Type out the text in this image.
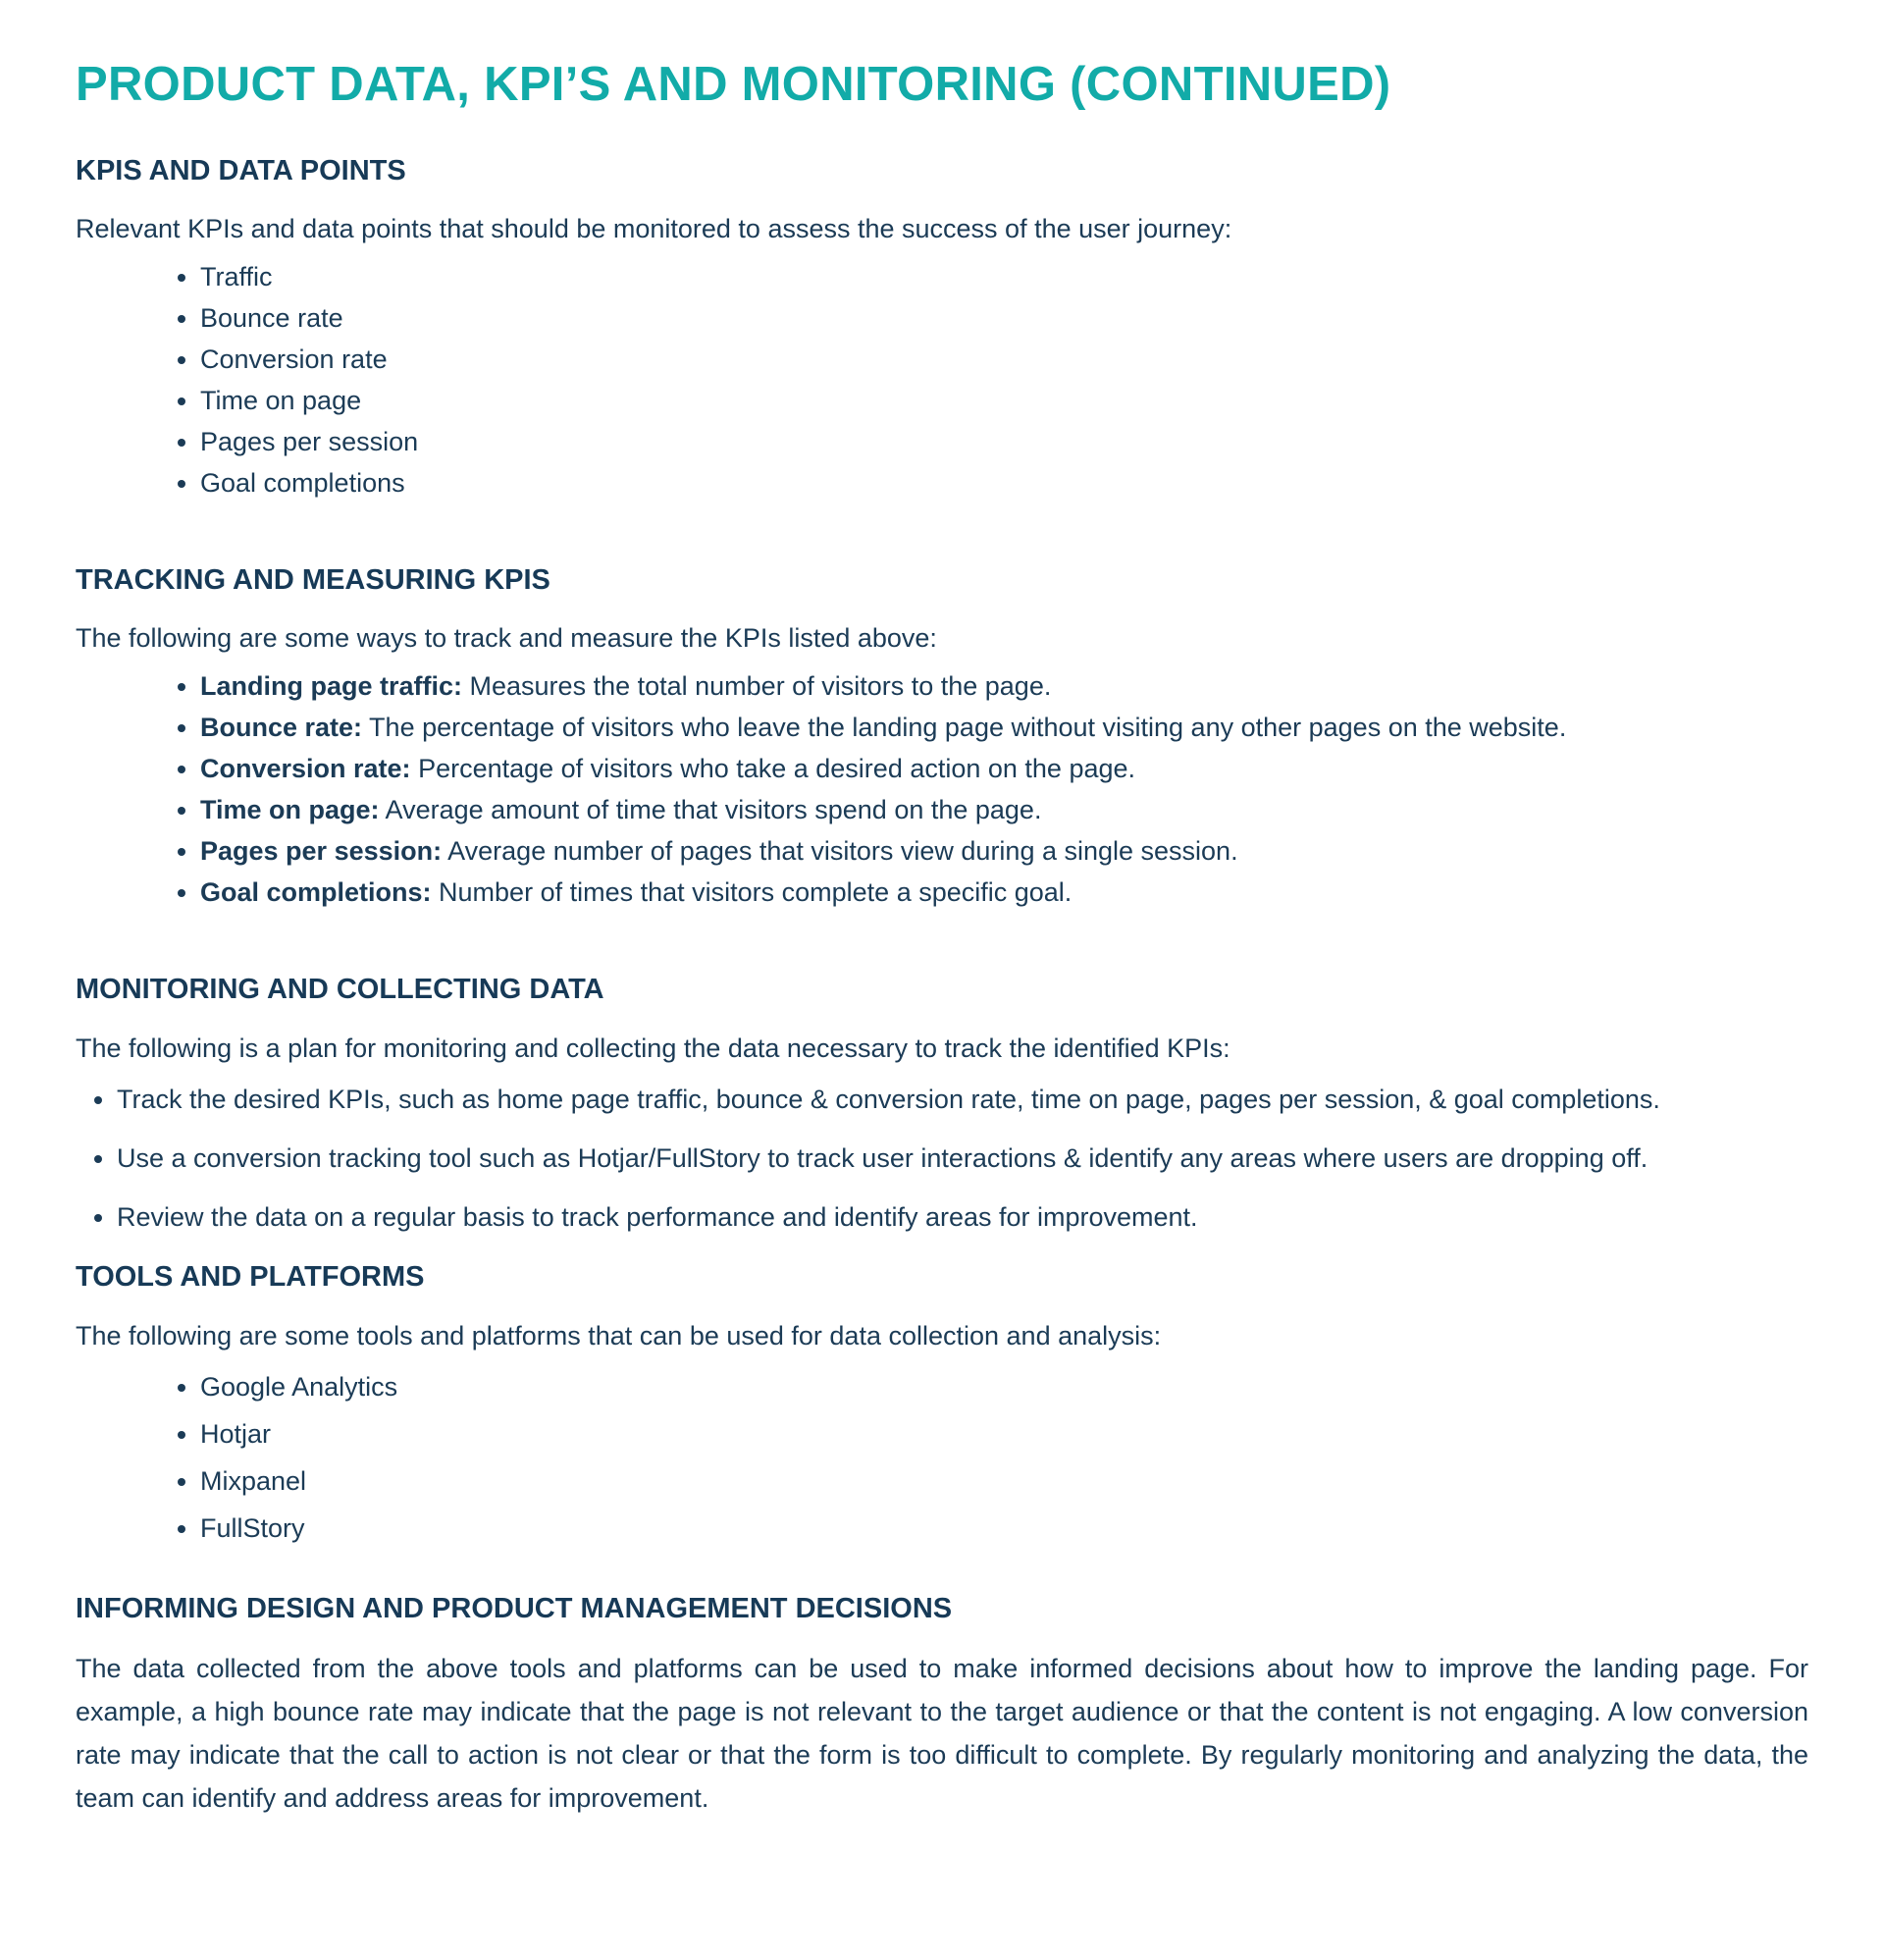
PRODUCT DATA, KPI’S AND MONITORING (CONTINUED)
KPIS AND DATA POINTS

Relevant KPIs and data points that should be monitored to assess the success of the user journey:

• Traffic
• Bounce rate
• Conversion rate
• Time on page
• Pages per session
• Goal completions
TRACKING AND MEASURING KPIS

The following are some ways to track and measure the KPIs listed above:

• Landing page traffic: Measures the total number of visitors to the page.
• Bounce rate: The percentage of visitors who leave the landing page without visiting any other pages on the website.
• Conversion rate: Percentage of visitors who take a desired action on the page.
• Time on page: Average amount of time that visitors spend on the page.
• Pages per session: Average number of pages that visitors view during a single session.
• Goal completions: Number of times that visitors complete a specific goal.
MONITORING AND COLLECTING DATA

The following is a plan for monitoring and collecting the data necessary to track the identified KPIs:

• Track the desired KPIs, such as home page traffic, bounce & conversion rate, time on page, pages per session, & goal completions.
• Use a conversion tracking tool such as Hotjar/FullStory to track user interactions & identify any areas where users are dropping off.
• Review the data on a regular basis to track performance and identify areas for improvement.
TOOLS AND PLATFORMS

The following are some tools and platforms that can be used for data collection and analysis:

• Google Analytics
• Hotjar
• Mixpanel
• FullStory
INFORMING DESIGN AND PRODUCT MANAGEMENT DECISIONS

The data collected from the above tools and platforms can be used to make informed decisions about how to improve the landing page. For example, a high bounce rate may indicate that the page is not relevant to the target audience or that the content is not engaging. A low conversion rate may indicate that the call to action is not clear or that the form is too difficult to complete. By regularly monitoring and analyzing the data, the team can identify and address areas for improvement.
